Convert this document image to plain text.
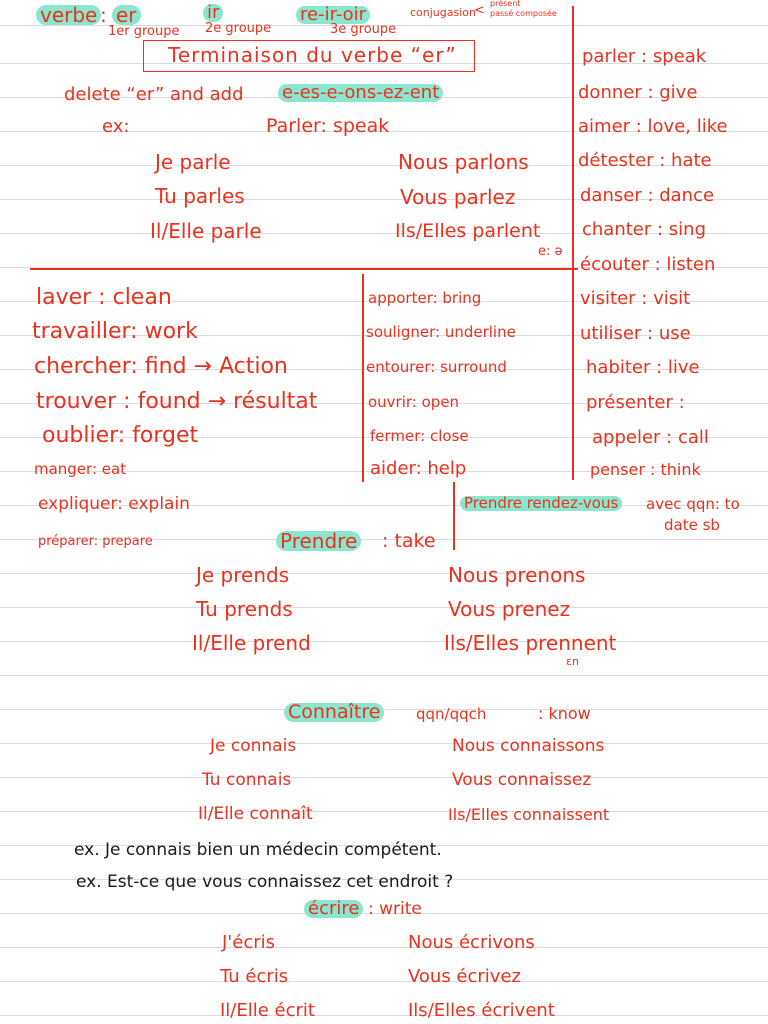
verbe : er
1er groupe
ir
2e groupe
re-ir-oir
3e groupe
conjugasion
< présent
passé composée
Terminaison du verbe “er”
delete “er” and add e-es-e-ons-ez-ent
ex:	Parler: speak
Je parle
Tu parles
Il/Elle parle
Nous parlons
Vous parlez
Ils/Elles parlent
e: ə
parler : speak
donner : give
aimer : love, like
détester : hate
danser : dance
chanter : sing
écouter : listen
visiter : visit
utiliser : use
habiter : live
présenter :
appeler : call
penser : think
laver : clean
travailler: work
chercher: find → Action
trouver : found → résultat
oublier: forget
manger: eat
expliquer: explain
préparer: prepare
apporter: bring
souligner: underline
entourer: surround
ouvrir: open
fermer: close
aider: help
Prendre rendez-vous avec qqn: to
date sb
Prendre : take
Je prends
Tu prends
Il/Elle prend
Nous prenons
Vous prenez
Ils/Elles prennent
ɛn
Connaître qqn/qqch	: know
Je connais
Tu connais
Il/Elle connaît
Nous connaissons
Vous connaissez
Ils/Elles connaissent
ex. Je connais bien un médecin compétent.
ex. Est-ce que vous connaissez cet endroit ?
écrire : write
J'écris
Tu écris
Il/Elle écrit
Nous écrivons
Vous écrivez
Ils/Elles écrivent
